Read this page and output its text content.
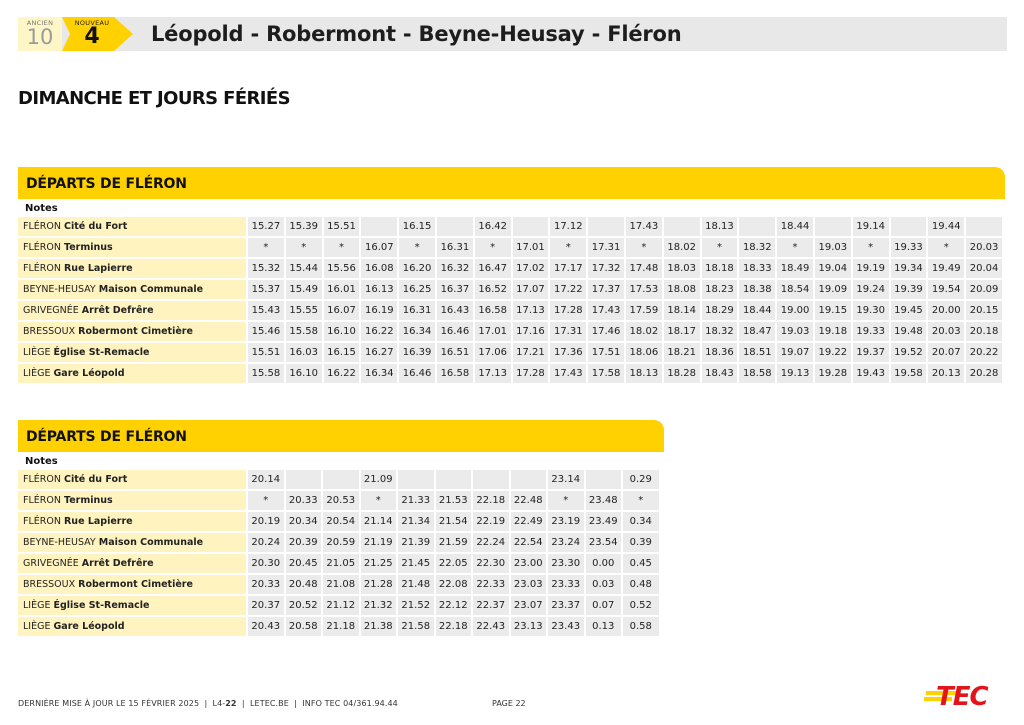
ANCIEN
10
NOUVEAU
4	Léopold - Robermont - Beyne-Heusay - Fléron
DIMANCHE ET JOURS FÉRIÉS
DÉPARTS DE FLÉRON
Notes
FLÉRON Cité du Fort	15.27	15.39	15.51		16.15		16.42		17.12		17.43		18.13		18.44		19.14		19.44	
FLÉRON Terminus	*	*	*	16.07	*	16.31	*	17.01	*	17.31	*	18.02	*	18.32	*	19.03	*	19.33	*	20.03
FLÉRON Rue Lapierre	15.32	15.44	15.56	16.08	16.20	16.32	16.47	17.02	17.17	17.32	17.48	18.03	18.18	18.33	18.49	19.04	19.19	19.34	19.49	20.04
BEYNE-HEUSAY Maison Communale	15.37	15.49	16.01	16.13	16.25	16.37	16.52	17.07	17.22	17.37	17.53	18.08	18.23	18.38	18.54	19.09	19.24	19.39	19.54	20.09
GRIVEGNÉE Arrêt Defrêre	15.43	15.55	16.07	16.19	16.31	16.43	16.58	17.13	17.28	17.43	17.59	18.14	18.29	18.44	19.00	19.15	19.30	19.45	20.00	20.15
BRESSOUX Robermont Cimetière	15.46	15.58	16.10	16.22	16.34	16.46	17.01	17.16	17.31	17.46	18.02	18.17	18.32	18.47	19.03	19.18	19.33	19.48	20.03	20.18
LIÈGE Église St-Remacle	15.51	16.03	16.15	16.27	16.39	16.51	17.06	17.21	17.36	17.51	18.06	18.21	18.36	18.51	19.07	19.22	19.37	19.52	20.07	20.22
LIÈGE Gare Léopold	15.58	16.10	16.22	16.34	16.46	16.58	17.13	17.28	17.43	17.58	18.13	18.28	18.43	18.58	19.13	19.28	19.43	19.58	20.13	20.28
DÉPARTS DE FLÉRON
Notes
FLÉRON Cité du Fort	20.14			21.09					23.14		0.29
FLÉRON Terminus	*	20.33	20.53	*	21.33	21.53	22.18	22.48	*	23.48	*
FLÉRON Rue Lapierre	20.19	20.34	20.54	21.14	21.34	21.54	22.19	22.49	23.19	23.49	0.34
BEYNE-HEUSAY Maison Communale	20.24	20.39	20.59	21.19	21.39	21.59	22.24	22.54	23.24	23.54	0.39
GRIVEGNÉE Arrêt Defrêre	20.30	20.45	21.05	21.25	21.45	22.05	22.30	23.00	23.30	0.00	0.45
BRESSOUX Robermont Cimetière	20.33	20.48	21.08	21.28	21.48	22.08	22.33	23.03	23.33	0.03	0.48
LIÈGE Église St-Remacle	20.37	20.52	21.12	21.32	21.52	22.12	22.37	23.07	23.37	0.07	0.52
LIÈGE Gare Léopold	20.43	20.58	21.18	21.38	21.58	22.18	22.43	23.13	23.43	0.13	0.58
DERNIÈRE MISE À JOUR LE 15 FÉVRIER 2025 | L4-22 | LETEC.BE | INFO TEC 04/361.94.44	PAGE 22	TEC
